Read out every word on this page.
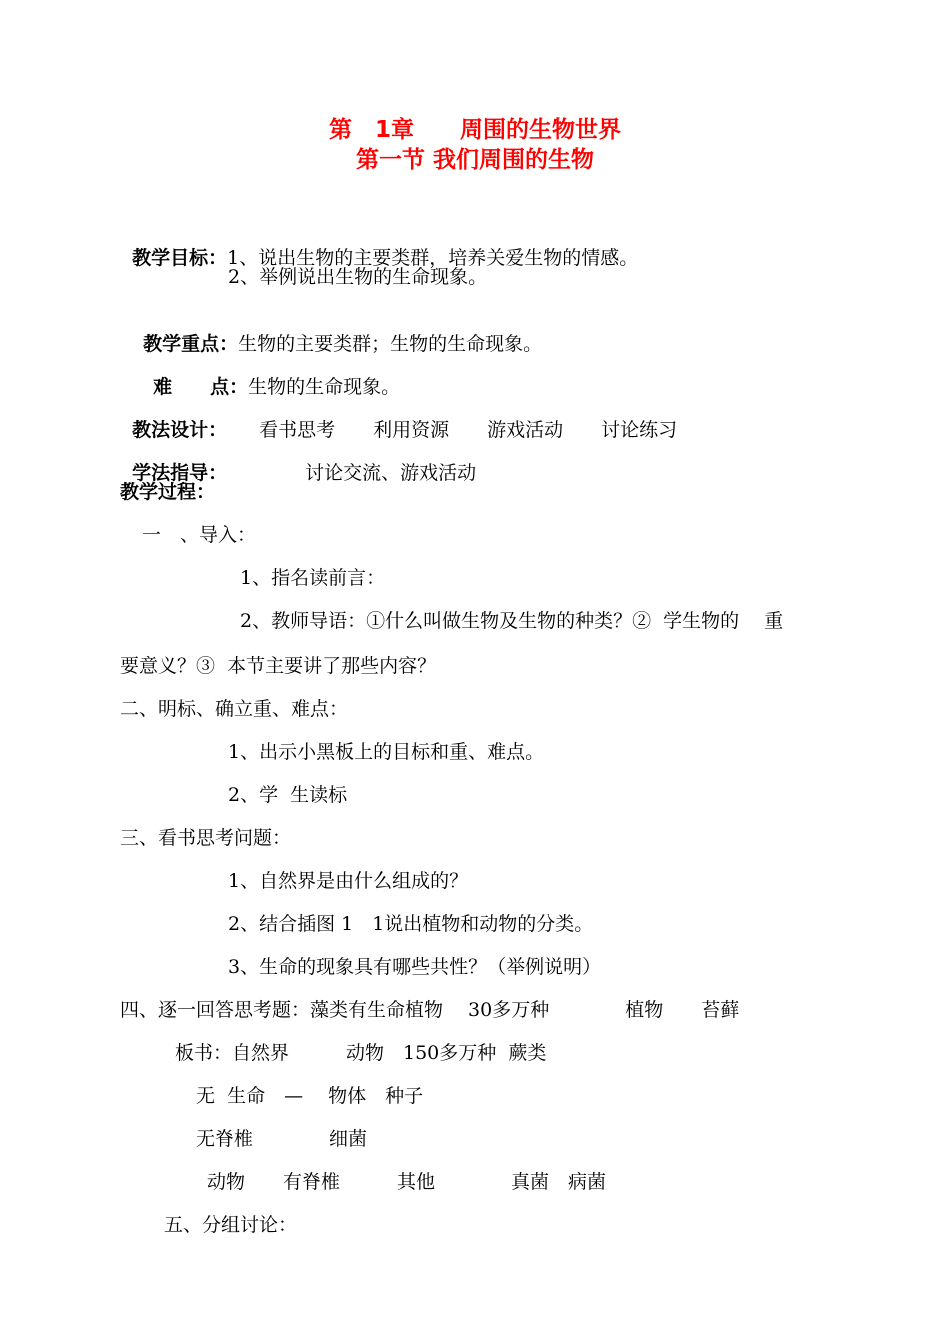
第　1章　　周围的生物世界
第一节 我们周围的生物

教学目标：1、说出生物的主要类群，培养关爱生物的情感。

2、举例说出生物的生命现象。

教学重点：生物的主要类群；生物的生命现象。

难　　点：生物的生命现象。

教法设计： 看书思考　　利用资源　　游戏活动　　讨论练习

学法指导：	讨论交流、游戏活动

教学过程：
一　、导入：
1、指名读前言：
2、教师导语：①什么叫做生物及生物的种类？②  学生物的　 重
要意义？③  本节主要讲了那些内容？
二、明标、确立重、难点：
1、出示小黑板上的目标和重、难点。
2、学  生读标
三、看书思考问题：
1、自然界是由什么组成的？
2、结合插图 1　1说出植物和动物的分类。
3、生命的现象具有哪些共性？（举例说明）
四、逐一回答思考题：藻类有生命植物　 30多万种　　　　植物　　苔藓
板书：自然界　　　动物　150多万种  蕨类
无  生命　—　 物体　种子
无脊椎　　　　细菌
动物　　有脊椎　　　其他　　　　真菌　病菌
五、分组讨论：
